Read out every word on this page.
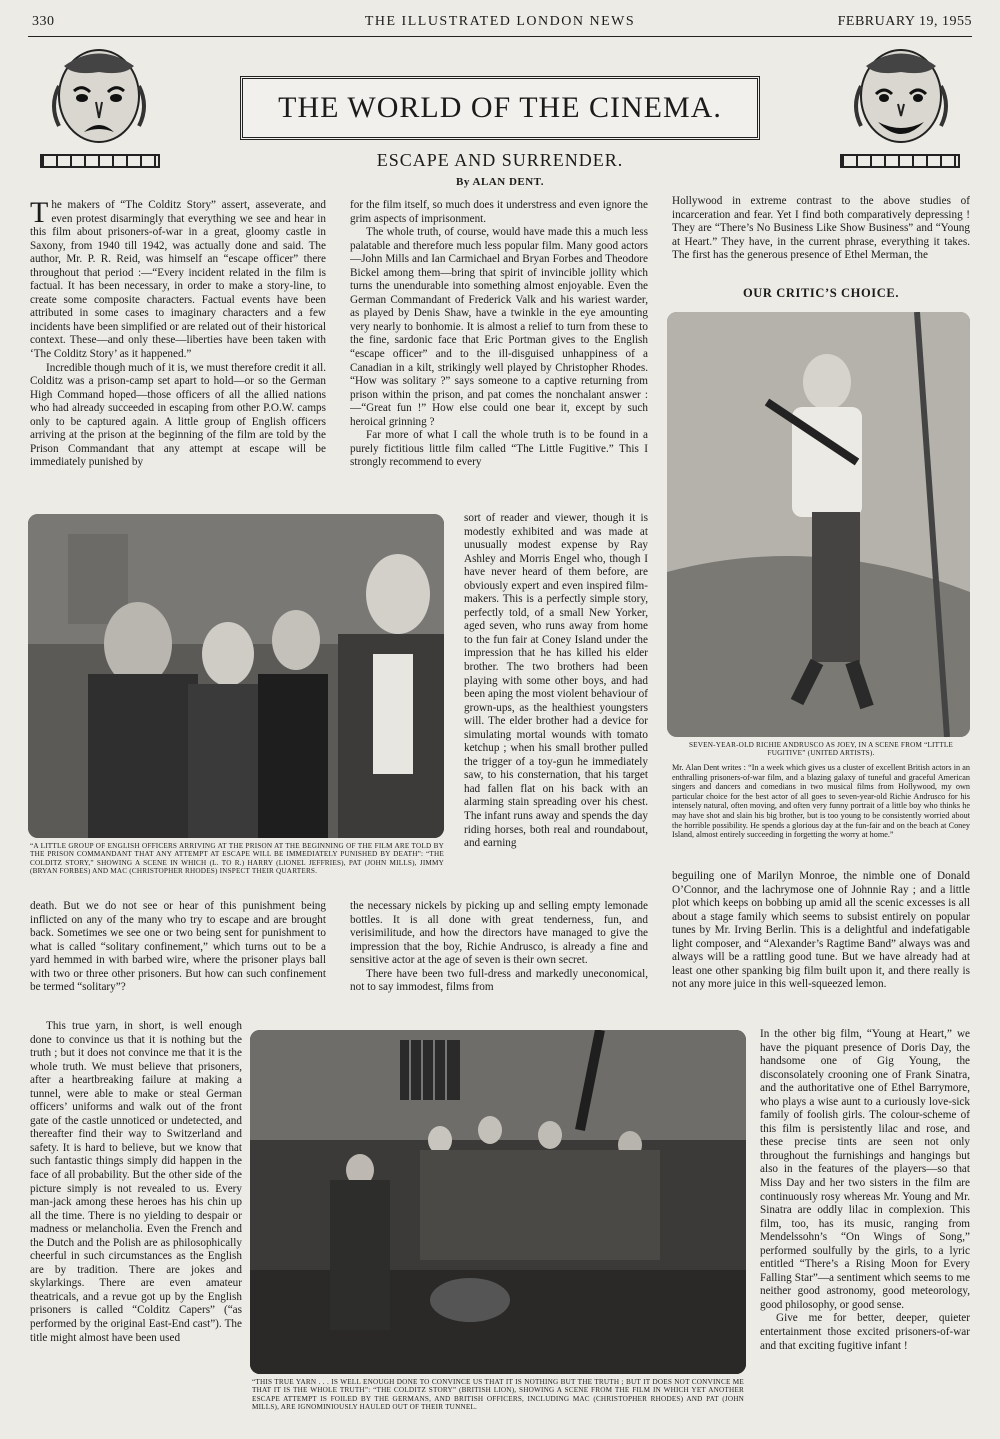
330	THE ILLUSTRATED LONDON NEWS	FEBRUARY 19, 1955
THE WORLD OF THE CINEMA.
ESCAPE AND SURRENDER.
By ALAN DENT.

The makers of “The Colditz Story” assert, asseverate, and even protest disarmingly that everything we see and hear in this film about prisoners-of-war in a great, gloomy castle in Saxony, from 1940 till 1942, was actually done and said. The author, Mr. P. R. Reid, was himself an “escape officer” there throughout that period :—“Every incident related in the film is factual. It has been necessary, in order to make a story-line, to create some composite characters. Factual events have been attributed in some cases to imaginary characters and a few incidents have been simplified or are related out of their historical context. These—and only these—liberties have been taken with ‘The Colditz Story’ as it happened.”

Incredible though much of it is, we must therefore credit it all. Colditz was a prison-camp set apart to hold—or so the German High Command hoped—those officers of all the allied nations who had already succeeded in escaping from other P.O.W. camps only to be captured again. A little group of English officers arriving at the prison at the beginning of the film are told by the Prison Commandant that any attempt at escape will be immediately punished by

for the film itself, so much does it understress and even ignore the grim aspects of imprisonment.

The whole truth, of course, would have made this a much less palatable and therefore much less popular film. Many good actors—John Mills and Ian Carmichael and Bryan Forbes and Theodore Bickel among them—bring that spirit of invincible jollity which turns the unendurable into something almost enjoyable. Even the German Commandant of Frederick Valk and his wariest warder, as played by Denis Shaw, have a twinkle in the eye amounting very nearly to bonhomie. It is almost a relief to turn from these to the fine, sardonic face that Eric Portman gives to the English “escape officer” and to the ill-disguised unhappiness of a Canadian in a kilt, strikingly well played by Christopher Rhodes. “How was solitary ?” says someone to a captive returning from prison within the prison, and pat comes the nonchalant answer :—“Great fun !” How else could one bear it, except by such heroical grinning ?

Far more of what I call the whole truth is to be found in a purely fictitious little film called “The Little Fugitive.” This I strongly recommend to every

Hollywood in extreme contrast to the above studies of incarceration and fear. Yet I find both comparatively depressing ! They are “There’s No Business Like Show Business” and “Young at Heart.” They have, in the current phrase, everything it takes. The first has the generous presence of Ethel Merman, the

OUR CRITIC’S CHOICE.
“A LITTLE GROUP OF ENGLISH OFFICERS ARRIVING AT THE PRISON AT THE BEGINNING OF THE FILM ARE TOLD BY THE PRISON COMMANDANT THAT ANY ATTEMPT AT ESCAPE WILL BE IMMEDIATELY PUNISHED BY DEATH”: “THE COLDITZ STORY,” SHOWING A SCENE IN WHICH (L. TO R.) HARRY (LIONEL JEFFRIES), PAT (JOHN MILLS), JIMMY (BRYAN FORBES) AND MAC (CHRISTOPHER RHODES) INSPECT THEIR QUARTERS.

sort of reader and viewer, though it is modestly exhibited and was made at unusually modest expense by Ray Ashley and Morris Engel who, though I have never heard of them before, are obviously expert and even inspired film-makers. This is a perfectly simple story, perfectly told, of a small New Yorker, aged seven, who runs away from home to the fun fair at Coney Island under the impression that he has killed his elder brother. The two brothers had been playing with some other boys, and had been aping the most violent behaviour of grown-ups, as the healthiest youngsters will. The elder brother had a device for simulating mortal wounds with tomato ketchup ; when his small brother pulled the trigger of a toy-gun he immediately saw, to his consternation, that his target had fallen flat on his back with an alarming stain spreading over his chest. The infant runs away and spends the day riding horses, both real and roundabout, and earning

SEVEN-YEAR-OLD RICHIE ANDRUSCO AS JOEY, IN A SCENE FROM “LITTLE FUGITIVE” (UNITED ARTISTS).
Mr. Alan Dent writes : “In a week which gives us a cluster of excellent British actors in an enthralling prisoners-of-war film, and a blazing galaxy of tuneful and graceful American singers and dancers and comedians in two musical films from Hollywood, my own particular choice for the best actor of all goes to seven-year-old Richie Andrusco for his intensely natural, often moving, and often very funny portrait of a little boy who thinks he may have shot and slain his big brother, but is too young to be consistently worried about the horrible possibility. He spends a glorious day at the fun-fair and on the beach at Coney Island, almost entirely succeeding in forgetting the worry at home.”

death. But we do not see or hear of this punishment being inflicted on any of the many who try to escape and are brought back. Sometimes we see one or two being sent for punishment to what is called “solitary confinement,” which turns out to be a yard hemmed in with barbed wire, where the prisoner plays ball with two or three other prisoners. But how can such confinement be termed “solitary”?

This true yarn, in short, is well enough done to convince us that it is nothing but the truth ; but it does not convince me that it is the whole truth. We must believe that prisoners, after a heartbreaking failure at making a tunnel, were able to make or steal German officers’ uniforms and walk out of the front gate of the castle unnoticed or undetected, and thereafter find their way to Switzerland and safety. It is hard to believe, but we know that such fantastic things simply did happen in the face of all probability. But the other side of the picture simply is not revealed to us. Every man-jack among these heroes has his chin up all the time. There is no yielding to despair or madness or melancholia. Even the French and the Dutch and the Polish are as philosophically cheerful in such circumstances as the English are by tradition. There are jokes and skylarkings. There are even amateur theatricals, and a revue got up by the English prisoners is called “Colditz Capers” (“as performed by the original East-End cast”). The title might almost have been used

the necessary nickels by picking up and selling empty lemonade bottles. It is all done with great tenderness, fun, and verisimilitude, and how the directors have managed to give the impression that the boy, Richie Andrusco, is already a fine and sensitive actor at the age of seven is their own secret.

There have been two full-dress and markedly uneconomical, not to say immodest, films from

beguiling one of Marilyn Monroe, the nimble one of Donald O’Connor, and the lachrymose one of Johnnie Ray ; and a little plot which keeps on bobbing up amid all the scenic excesses is all about a stage family which seems to subsist entirely on popular tunes by Mr. Irving Berlin. This is a delightful and indefatigable light composer, and “Alexander’s Ragtime Band” always was and always will be a rattling good tune. But we have already had at least one other spanking big film built upon it, and there really is not any more juice in this well-squeezed lemon.

“THIS TRUE YARN . . . IS WELL ENOUGH DONE TO CONVINCE US THAT IT IS NOTHING BUT THE TRUTH ; BUT IT DOES NOT CONVINCE ME THAT IT IS THE WHOLE TRUTH”: “THE COLDITZ STORY” (BRITISH LION), SHOWING A SCENE FROM THE FILM IN WHICH YET ANOTHER ESCAPE ATTEMPT IS FOILED BY THE GERMANS, AND BRITISH OFFICERS, INCLUDING MAC (CHRISTOPHER RHODES) AND PAT (JOHN MILLS), ARE IGNOMINIOUSLY HAULED OUT OF THEIR TUNNEL.

In the other big film, “Young at Heart,” we have the piquant presence of Doris Day, the handsome one of Gig Young, the disconsolately crooning one of Frank Sinatra, and the authoritative one of Ethel Barrymore, who plays a wise aunt to a curiously love-sick family of foolish girls. The colour-scheme of this film is persistently lilac and rose, and these precise tints are seen not only throughout the furnishings and hangings but also in the features of the players—so that Miss Day and her two sisters in the film are continuously rosy whereas Mr. Young and Mr. Sinatra are oddly lilac in complexion. This film, too, has its music, ranging from Mendelssohn’s “On Wings of Song,” performed soulfully by the girls, to a lyric entitled “There’s a Rising Moon for Every Falling Star”—a sentiment which seems to me neither good astronomy, good meteorology, good philosophy, or good sense.

Give me for better, deeper, quieter entertainment those excited prisoners-of-war and that exciting fugitive infant !
